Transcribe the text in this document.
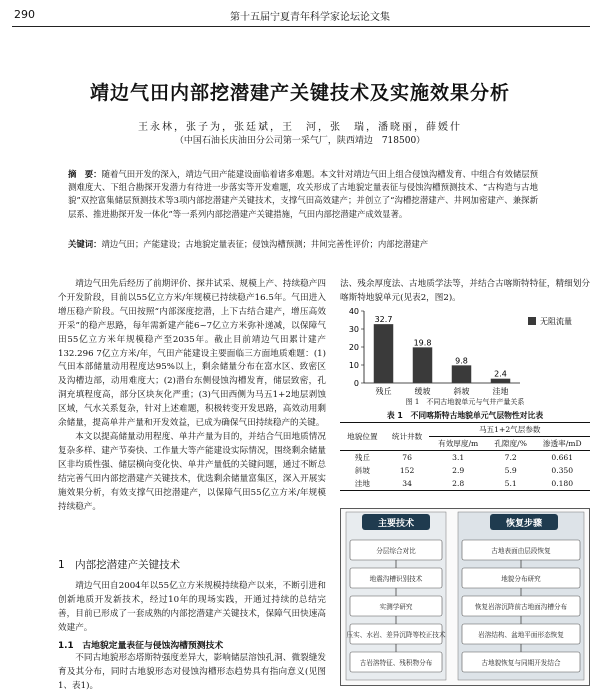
290	第十五届宁夏青年科学家论坛论文集
靖边气田内部挖潜建产关键技术及实施效果分析
王永林，张子为，张廷斌，王　河，张　瑞，潘晓丽，薛媛什
（中国石油长庆油田分公司第一采气厂，陕西靖边　718500）
摘　要：随着气田开发的深入，靖边气田产能建设面临着诸多难题。本文针对靖边气田上组合侵蚀沟槽发育、中组合有效储层预测难度大、下组合勘探开发潜力有待进一步落实等开发难题，攻关形成了古地貌定量表征与侵蚀沟槽预测技术、“古构造与古地貌”双控富集储层预测技术等3项内部挖潜建产关键技术，支撑气田高效建产；并创立了“沟槽挖潜建产、井网加密建产、兼探新层系、推进勘探开发一体化”等一系列内部挖潜建产关键措施，气田内部挖潜建产成效显著。
关键词：靖边气田；产能建设；古地貌定量表征；侵蚀沟槽预测；井间完善性评价；内部挖潜建产

靖边气田先后经历了前期评价、探井试采、规模上产、持续稳产四个开发阶段，目前以55亿立方米/年规模已持续稳产16.5年。气田进入增压稳产阶段。气田按照“内部深度挖潜，上下古结合建产，增压高效开采”的稳产思路，每年需新建产能6~7亿立方米弥补递减，以保障气田55亿立方米年规模稳产至2035年。截止目前靖边气田累计建产132.296 7亿立方米/年，气田产能建设主要面临三方面地质难题：(1)气田本部储量动用程度达95%以上，剩余储量分布在富水区、致密区及沟槽边部，动用难度大；(2)潜台东侧侵蚀沟槽发育，储层致密，孔洞充填程度高，部分区块灰化严重；(3)气田西侧为马五1+2地层剥蚀区域，气水关系复杂，针对上述难题，积极转变开发思路，高效动用剩余储量，提高单井产量和开发效益，已成为确保气田持续稳产的关键。

本文以提高储量动用程度、单井产量为目的，并结合气田地质情况复杂多样、建产节奏快、工作量大等产能建设实际情况，围绕剩余储量区非均质性强、储层横向变化快、单井产量低的关键问题，通过不断总结完善气田内部挖潜建产关键技术，优选剩余储量富集区，深入开展实施效果分析，有效支撑气田挖潜建产，以保障气田55亿立方米/年规模持续稳产。

1　内部挖潜建产关键技术

靖边气田自2004年以55亿立方米规模持续稳产以来，不断引进和创新地质开发新技术，经过10年的现场实践，开通过持续的总结完善，目前已形成了一套成熟的内部挖潜建产关键技术，保障气田快速高效建产。

1.1　古地貌定量表征与侵蚀沟槽预测技术

不同古地貌形态塔斯特强度差异大，影响储层溶蚀孔洞、微裂缝发育及其分布，同时古地貌形态对侵蚀沟槽形态趋势具有指向意义(见图1、表1)。

法、残余厚度法、古地质学法等，并结合古喀斯特特征，精细划分喀斯特地貌单元(见表2，图2)。

0
10
20
30
40
32.7
残丘
19.8
缓坡
9.8
斜坡
2.4
洼地
无阻流量
图 1　不同古地貌单元与气井产量关系
表 1　不同喀斯特古地貌单元气层物性对比表
地貌位置	统计井数	马五1+2气层参数		
		有效厚度/m	孔隙度/%	渗透率/mD
残丘	76	3.1	7.2	0.661
斜坡	152	2.9	5.9	0.350
洼地	34	2.8	5.1	0.180
主要技术	恢复步骤
分层综合对比
地震沟槽识别技术
实测学研究
压实、水岩、差异沉降等校正技术
古岩溶特征、残积物分布
古地表面由层段恢复
地貌分布研究
恢复岩溶沉降前古地面沟槽分布
岩溶结构、盆地平面形态恢复
古地貌恢复与同期开发结合
